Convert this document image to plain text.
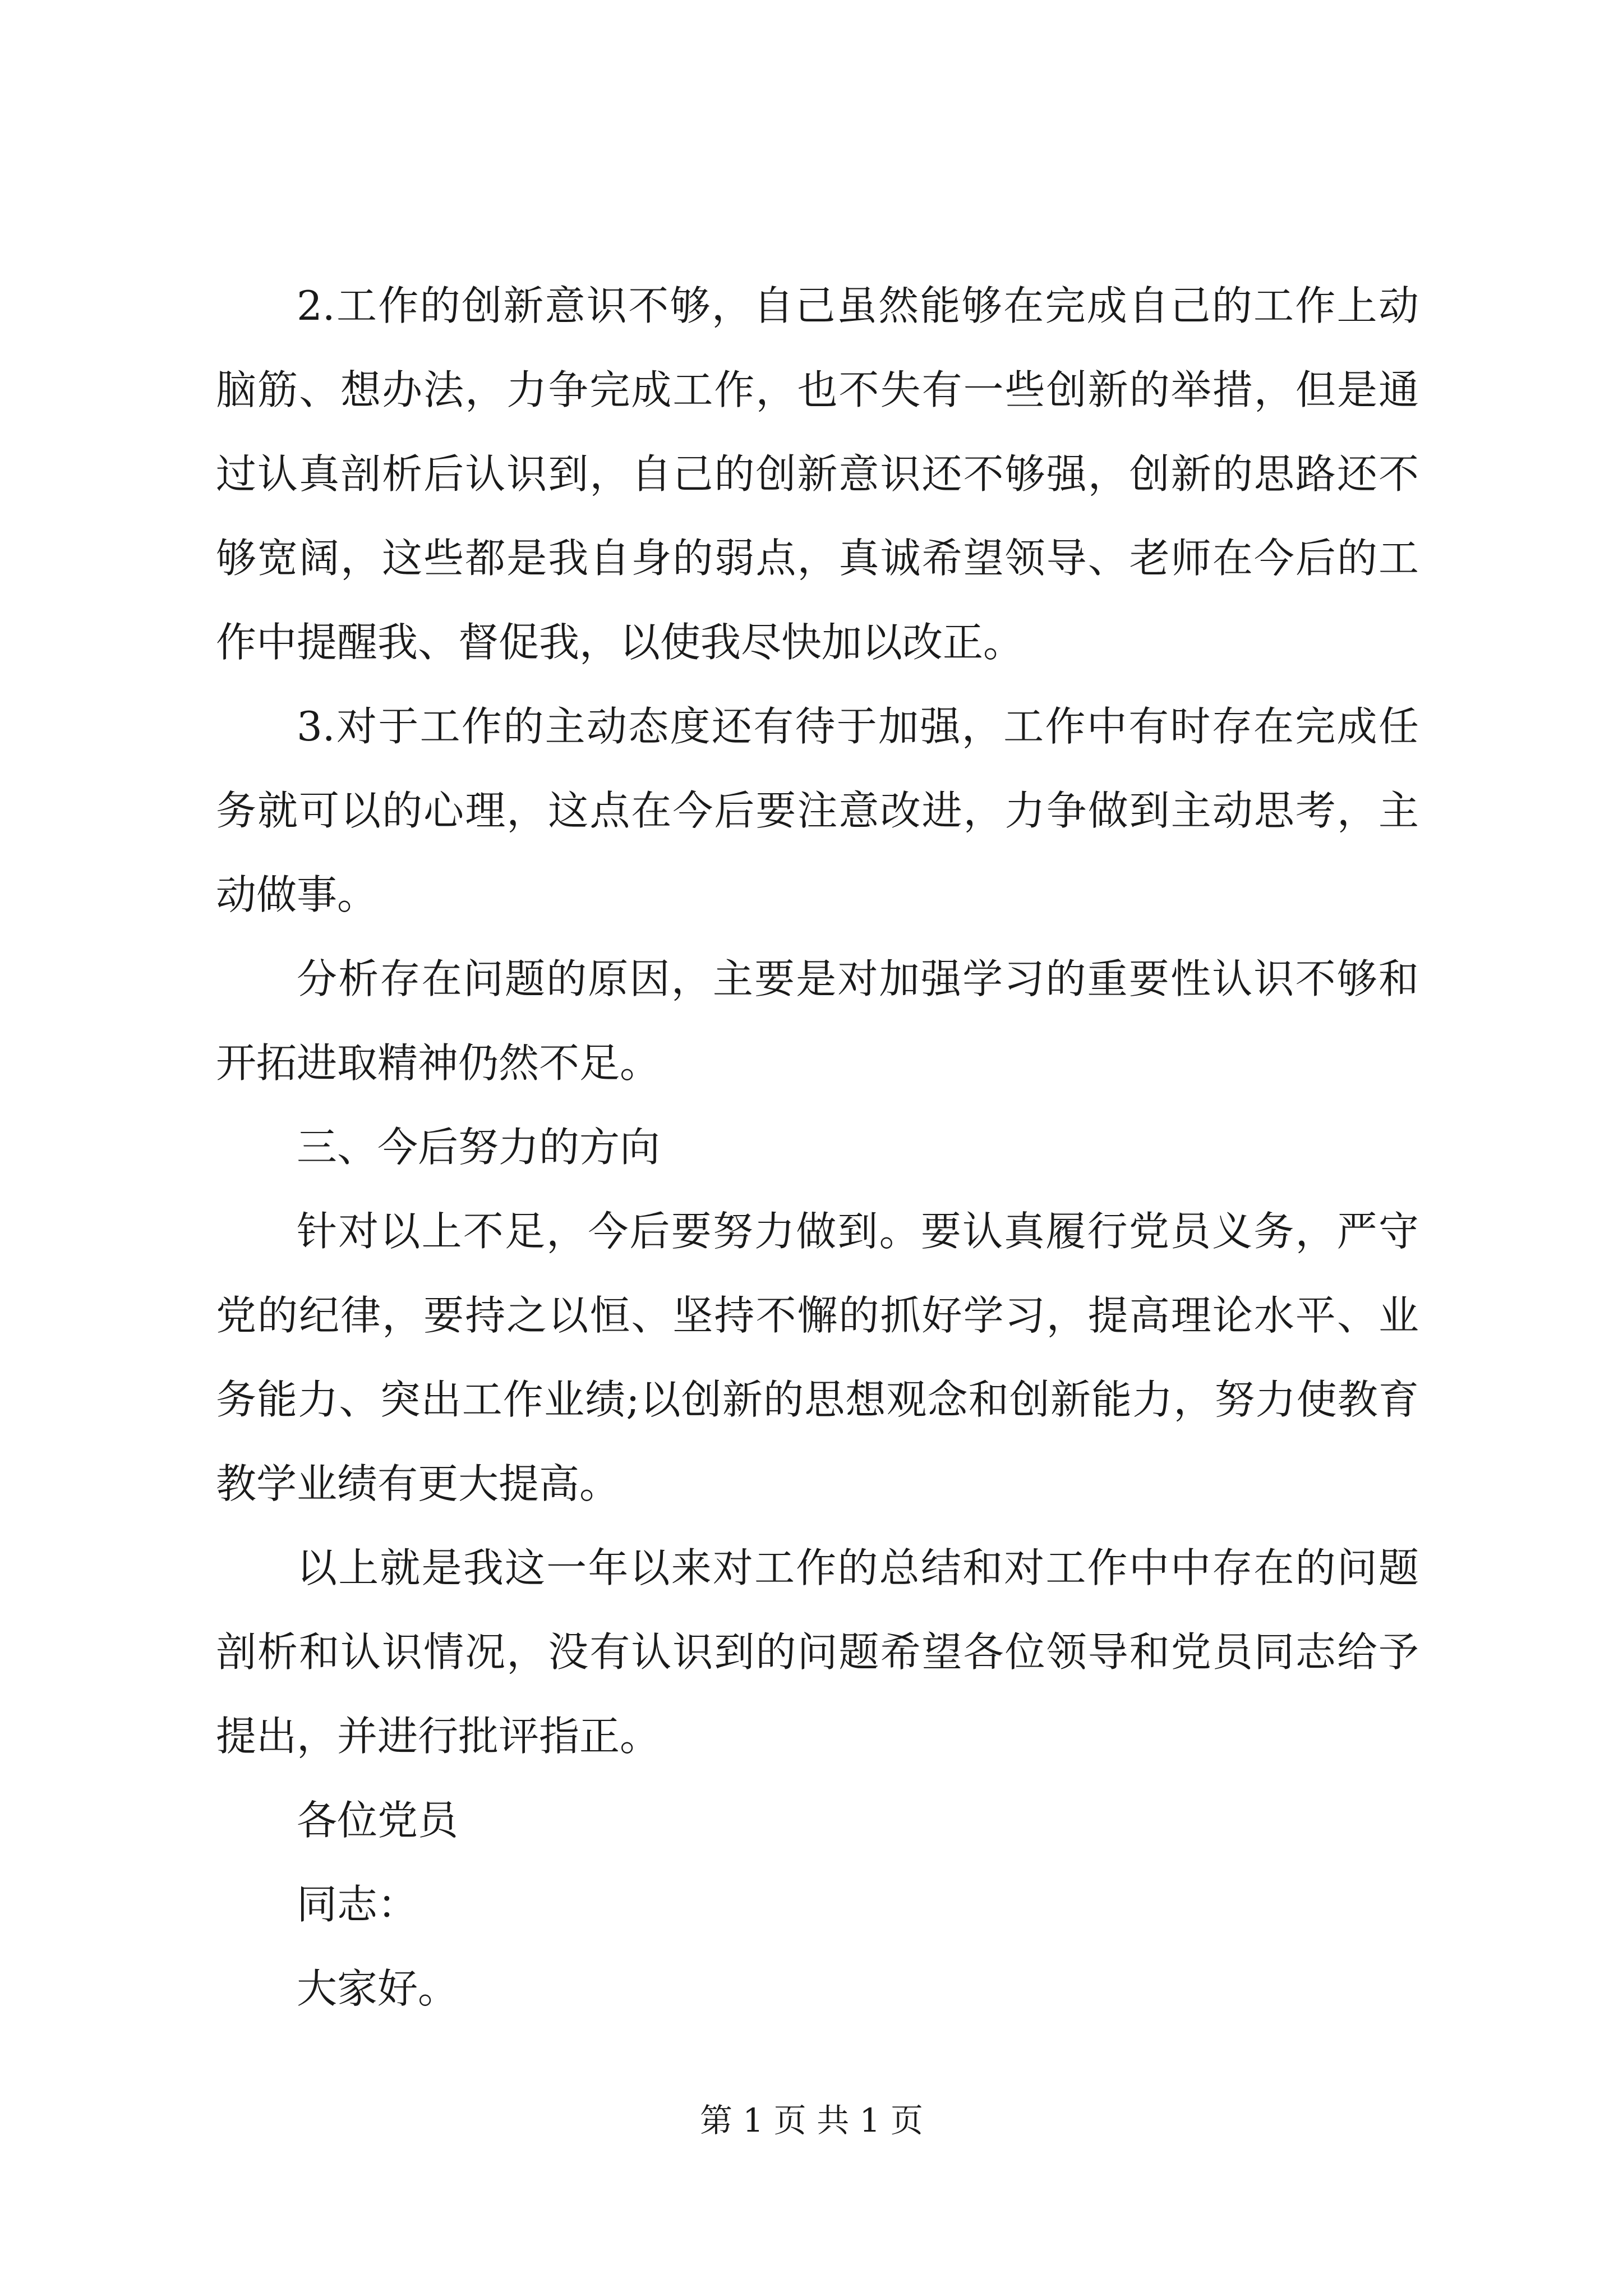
2.工作的创新意识不够，自己虽然能够在完成自己的工作上动脑筋、想办法，力争完成工作，也不失有一些创新的举措，但是通过认真剖析后认识到，自己的创新意识还不够强，创新的思路还不够宽阔，这些都是我自身的弱点，真诚希望领导、老师在今后的工作中提醒我、督促我，以使我尽快加以改正。

3.对于工作的主动态度还有待于加强，工作中有时存在完成任务就可以的心理，这点在今后要注意改进，力争做到主动思考，主动做事。

分析存在问题的原因，主要是对加强学习的重要性认识不够和开拓进取精神仍然不足。

三、今后努力的方向

针对以上不足，今后要努力做到。要认真履行党员义务，严守党的纪律，要持之以恒、坚持不懈的抓好学习，提高理论水平、业务能力、突出工作业绩;以创新的思想观念和创新能力，努力使教育教学业绩有更大提高。

以上就是我这一年以来对工作的总结和对工作中中存在的问题剖析和认识情况，没有认识到的问题希望各位领导和党员同志给予提出，并进行批评指正。

各位党员

同志：

大家好。

第 1 页 共 1 页
